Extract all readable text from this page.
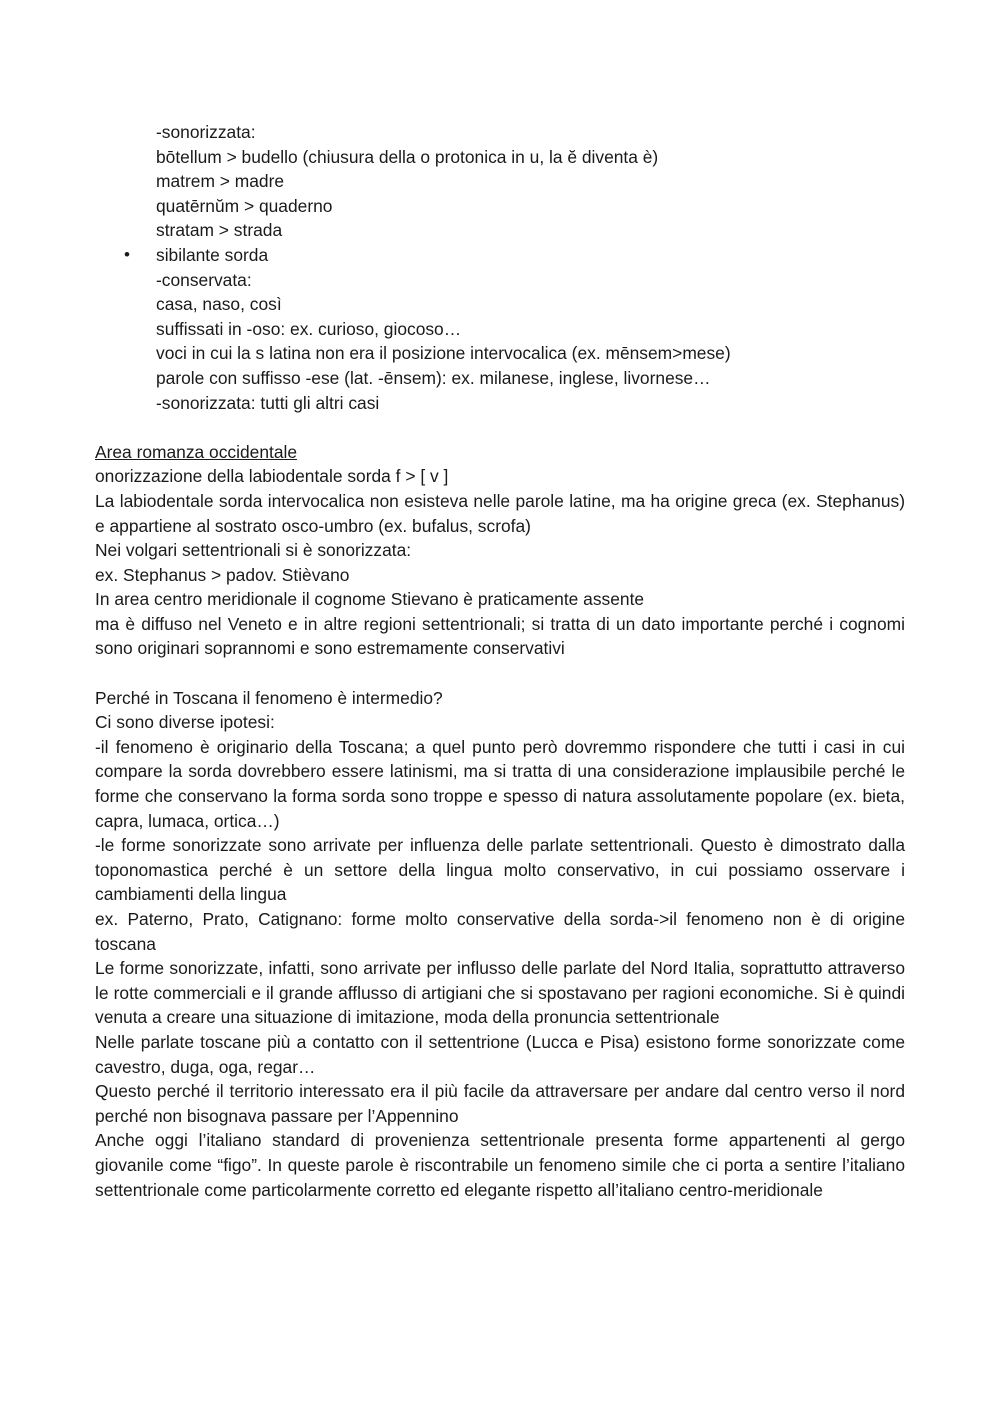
-sonorizzata:
bōtellum > budello (chiusura della o protonica in u, la ĕ diventa è)
matrem > madre
quatērnŭm > quaderno
stratam > strada
• sibilante sorda
-conservata:
casa, naso, così
suffissati in -oso: ex. curioso, giocoso…
voci in cui la s latina non era il posizione intervocalica (ex. mēnsem>mese)
parole con suffisso -ese (lat. -ēnsem): ex. milanese, inglese, livornese…
-sonorizzata: tutti gli altri casi
Area romanza occidentale
onorizzazione della labiodentale sorda f > [ v ]
La labiodentale sorda intervocalica non esisteva nelle parole latine, ma ha origine greca (ex. Stephanus) e appartiene al sostrato osco-umbro (ex. bufalus, scrofa)
Nei volgari settentrionali si è sonorizzata:
ex. Stephanus > padov. Stièvano
In area centro meridionale il cognome Stievano è praticamente assente
ma è diffuso nel Veneto e in altre regioni settentrionali; si tratta di un dato importante perché i cognomi sono originari soprannomi e sono estremamente conservativi
Perché in Toscana il fenomeno è intermedio?
Ci sono diverse ipotesi:
-il fenomeno è originario della Toscana; a quel punto però dovremmo rispondere che tutti i casi in cui compare la sorda dovrebbero essere latinismi, ma si tratta di una considerazione implausibile perché le forme che conservano la forma sorda sono troppe e spesso di natura assolutamente popolare (ex. bieta, capra, lumaca, ortica…)
-le forme sonorizzate sono arrivate per influenza delle parlate settentrionali. Questo è dimostrato dalla toponomastica perché è un settore della lingua molto conservativo, in cui possiamo osservare i cambiamenti della lingua
ex. Paterno, Prato, Catignano: forme molto conservative della sorda->il fenomeno non è di origine toscana
Le forme sonorizzate, infatti, sono arrivate per influsso delle parlate del Nord Italia, soprattutto attraverso le rotte commerciali e il grande afflusso di artigiani che si spostavano per ragioni economiche. Si è quindi venuta a creare una situazione di imitazione, moda della pronuncia settentrionale
Nelle parlate toscane più a contatto con il settentrione (Lucca e Pisa) esistono forme sonorizzate come cavestro, duga, oga, regar…
Questo perché il territorio interessato era il più facile da attraversare per andare dal centro verso il nord perché non bisognava passare per l’Appennino
Anche oggi l’italiano standard di provenienza settentrionale presenta forme appartenenti al gergo giovanile come “figo”. In queste parole è riscontrabile un fenomeno simile che ci porta a sentire l’italiano settentrionale come particolarmente corretto ed elegante rispetto all’italiano centro-meridionale
